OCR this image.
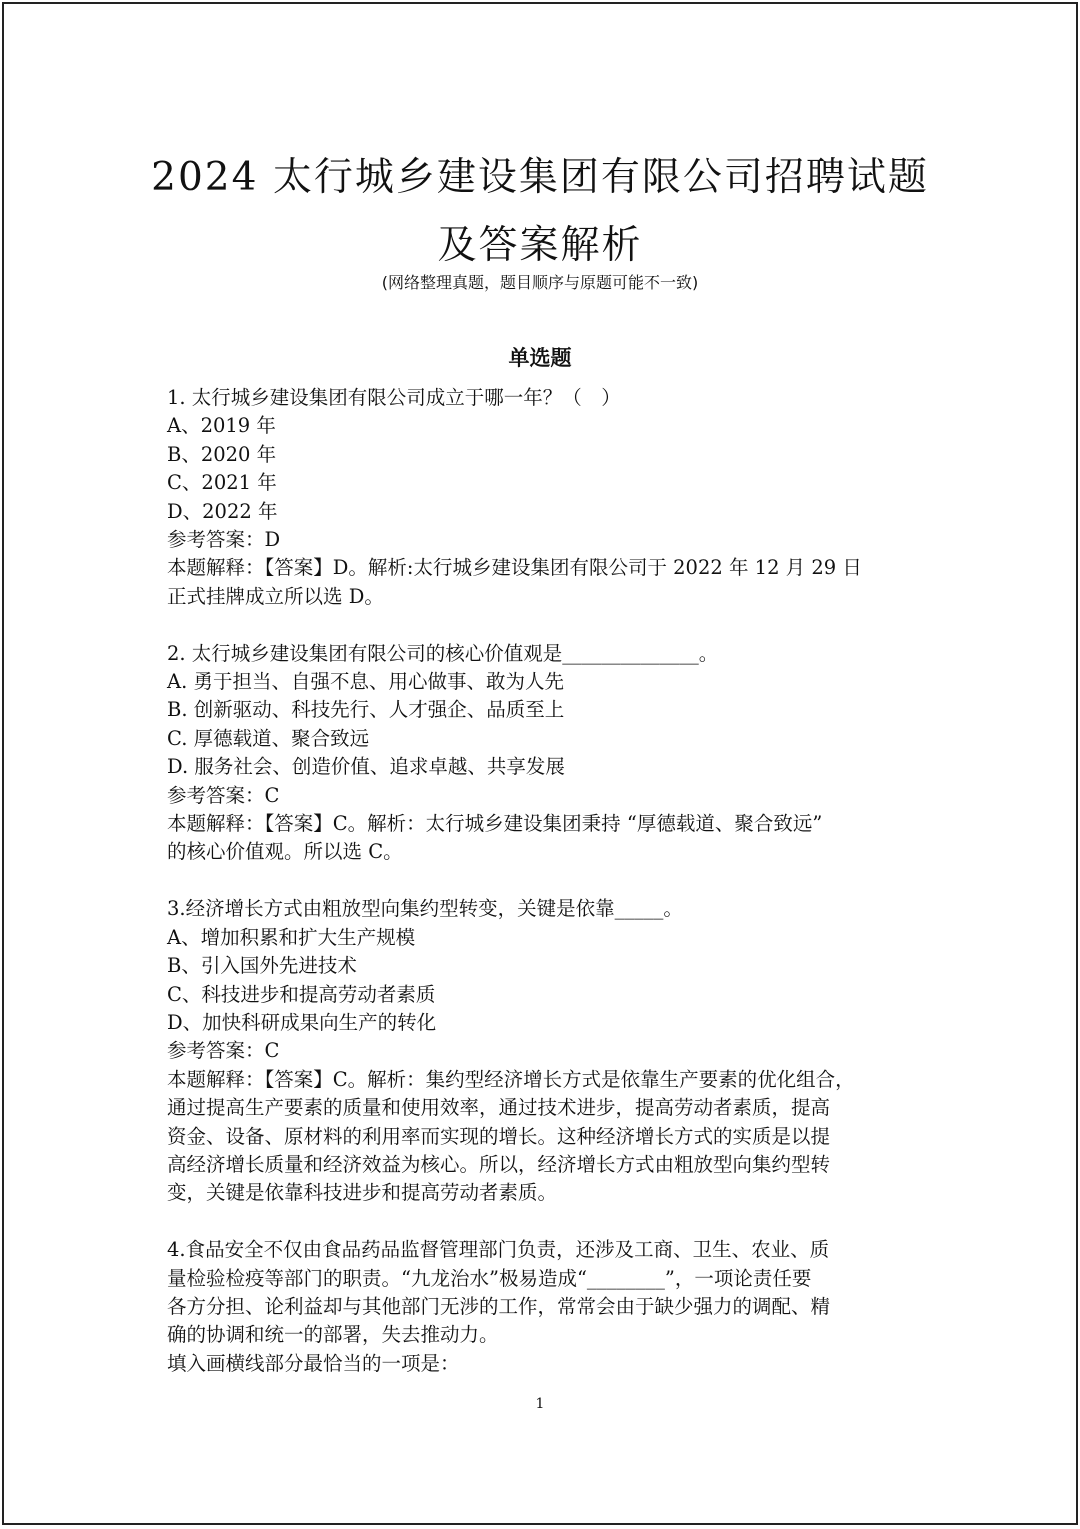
2024 太行城乡建设集团有限公司招聘试题
及答案解析
(网络整理真题，题目顺序与原题可能不一致)
单选题
1. 太行城乡建设集团有限公司成立于哪一年？（　）
A、2019 年
B、2020 年
C、2021 年
D、2022 年
参考答案：D
本题解释：【答案】D。解析:太行城乡建设集团有限公司于 2022 年 12 月 29 日
正式挂牌成立所以选 D。
2. 太行城乡建设集团有限公司的核心价值观是______________。
A. 勇于担当、自强不息、用心做事、敢为人先
B. 创新驱动、科技先行、人才强企、品质至上
C. 厚德载道、聚合致远
D. 服务社会、创造价值、追求卓越、共享发展
参考答案：C
本题解释：【答案】C。解析：太行城乡建设集团秉持 “厚德载道、聚合致远”
的核心价值观。所以选 C。
3.经济增长方式由粗放型向集约型转变，关键是依靠_____。
A、增加积累和扩大生产规模
B、引入国外先进技术
C、科技进步和提高劳动者素质
D、加快科研成果向生产的转化
参考答案：C
本题解释：【答案】C。解析：集约型经济增长方式是依靠生产要素的优化组合，
通过提高生产要素的质量和使用效率，通过技术进步，提高劳动者素质，提高
资金、设备、原材料的利用率而实现的增长。这种经济增长方式的实质是以提
高经济增长质量和经济效益为核心。所以，经济增长方式由粗放型向集约型转
变，关键是依靠科技进步和提高劳动者素质。
4.食品安全不仅由食品药品监督管理部门负责，还涉及工商、卫生、农业、质
量检验检疫等部门的职责。“九龙治水”极易造成“________”，一项论责任要
各方分担、论利益却与其他部门无涉的工作，常常会由于缺少强力的调配、精
确的协调和统一的部署，失去推动力。
填入画横线部分最恰当的一项是：
1
